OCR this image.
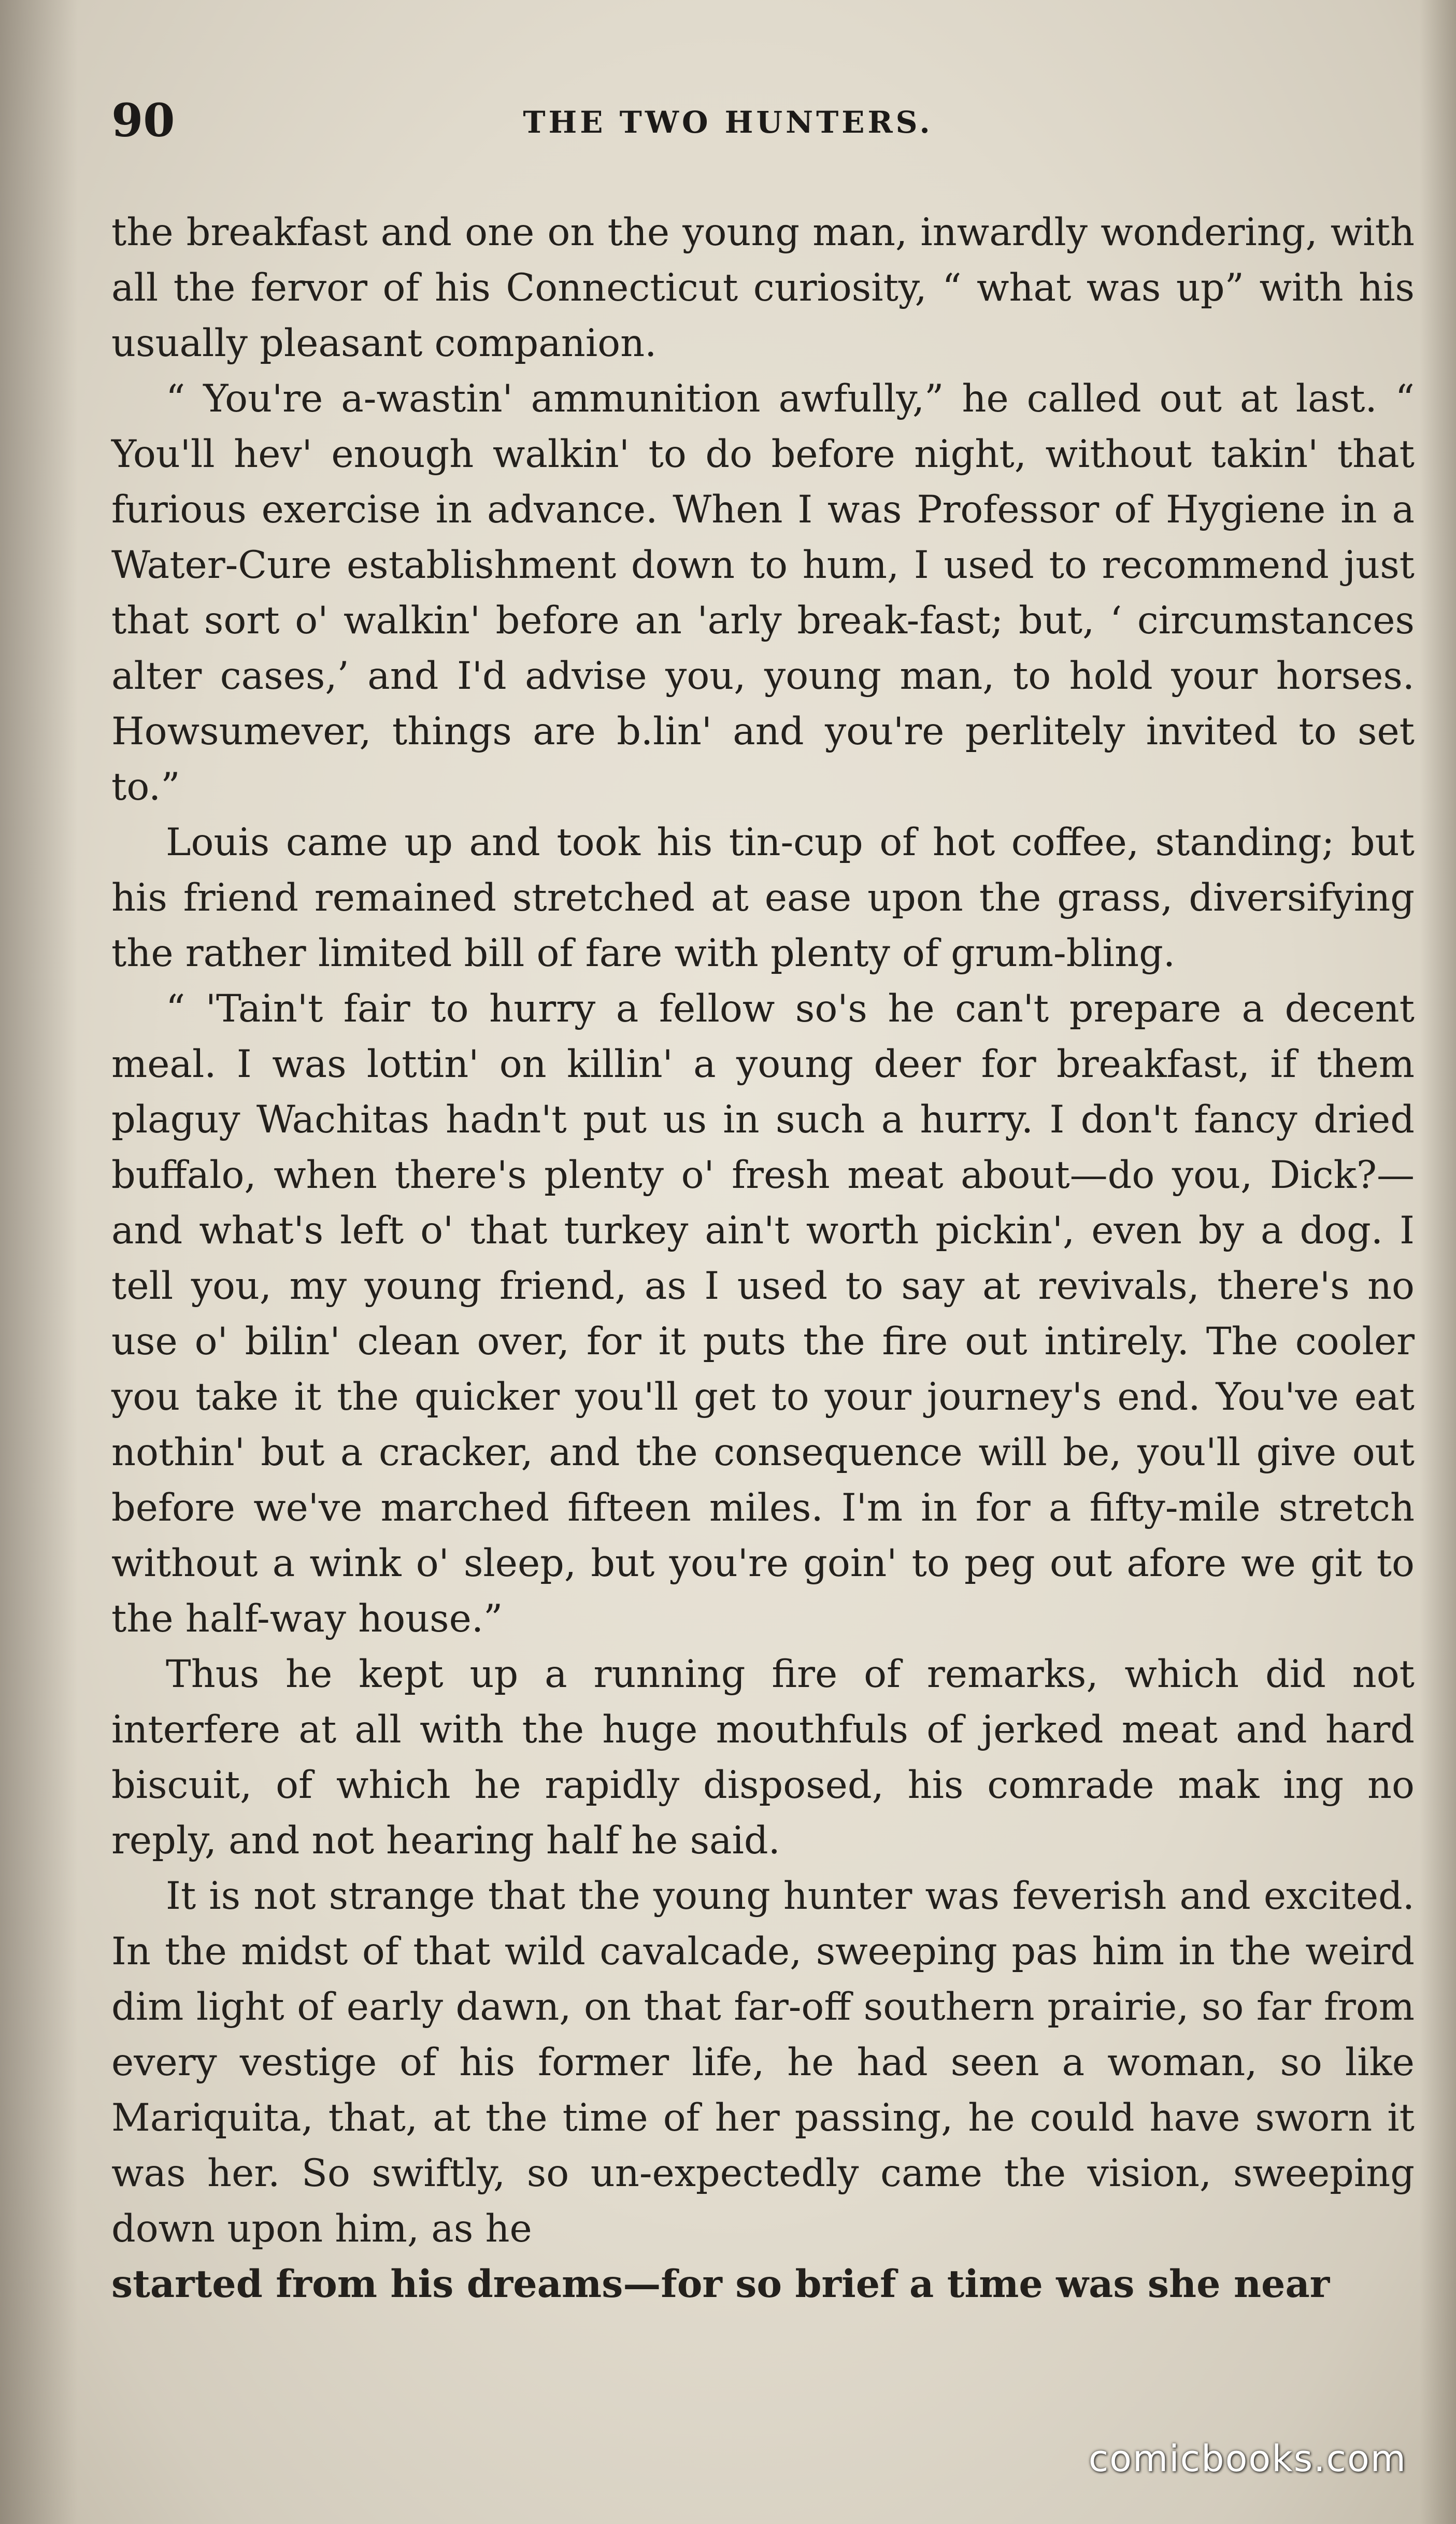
90	THE TWO HUNTERS.

the breakfast and one on the young man, inwardly wondering, with all the fervor of his Connecticut curiosity, “ what was up” with his usually pleasant companion.

“ You're a-wastin' ammunition awfully,” he called out at last. “ You'll hev' enough walkin' to do before night, without takin' that furious exercise in advance. When I was Professor of Hygiene in a Water-Cure establishment down to hum, I used to recommend just that sort o' walkin' before an 'arly break-fast; but, ‘ circumstances alter cases,’ and I'd advise you, young man, to hold your horses. Howsumever, things are b.lin' and you're perlitely invited to set to.”

Louis came up and took his tin-cup of hot coffee, standing; but his friend remained stretched at ease upon the grass, diversifying the rather limited bill of fare with plenty of grum-bling.

“ 'Tain't fair to hurry a fellow so's he can't prepare a decent meal. I was lottin' on killin' a young deer for breakfast, if them plaguy Wachitas hadn't put us in such a hurry. I don't fancy dried buffalo, when there's plenty o' fresh meat about—do you, Dick?—and what's left o' that turkey ain't worth pickin', even by a dog. I tell you, my young friend, as I used to say at revivals, there's no use o' bilin' clean over, for it puts the fire out intirely. The cooler you take it the quicker you'll get to your journey's end. You've eat nothin' but a cracker, and the consequence will be, you'll give out before we've marched fifteen miles. I'm in for a fifty-mile stretch without a wink o' sleep, but you're goin' to peg out afore we git to the half-way house.”

Thus he kept up a running fire of remarks, which did not interfere at all with the huge mouthfuls of jerked meat and hard biscuit, of which he rapidly disposed, his comrade mak ing no reply, and not hearing half he said.

It is not strange that the young hunter was feverish and excited. In the midst of that wild cavalcade, sweeping pas him in the weird dim light of early dawn, on that far-off southern prairie, so far from every vestige of his former life, he had seen a woman, so like Mariquita, that, at the time of her passing, he could have sworn it was her. So swiftly, so un-expectedly came the vision, sweeping down upon him, as he

started from his dreams—for so brief a time was she near

comicbooks.com
